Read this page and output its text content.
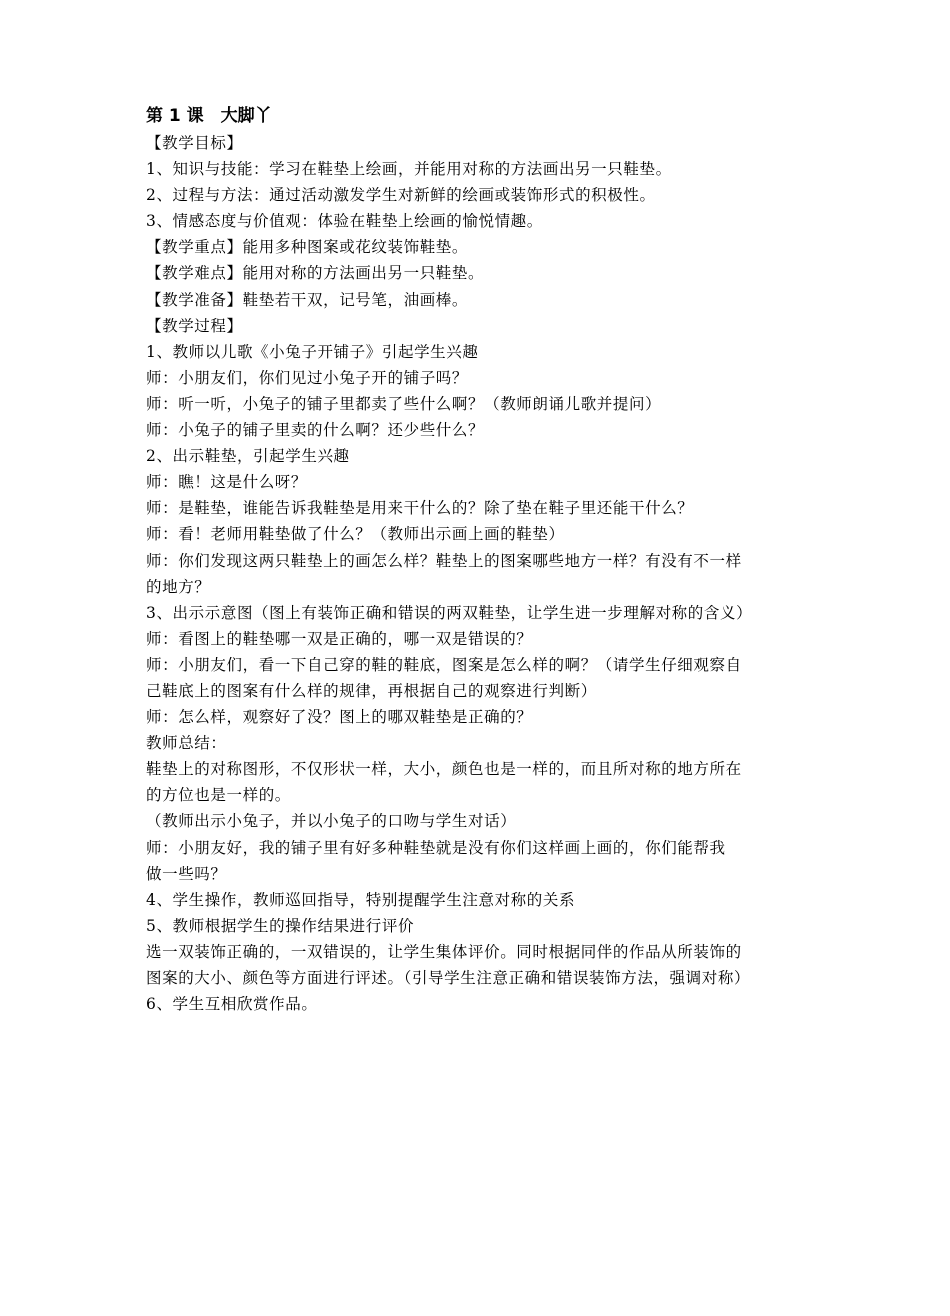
第 1 课　大脚丫
【教学目标】
1、知识与技能：学习在鞋垫上绘画，并能用对称的方法画出另一只鞋垫。
2、过程与方法：通过活动激发学生对新鲜的绘画或装饰形式的积极性。
3、情感态度与价值观：体验在鞋垫上绘画的愉悦情趣。
【教学重点】能用多种图案或花纹装饰鞋垫。
【教学难点】能用对称的方法画出另一只鞋垫。
【教学准备】鞋垫若干双，记号笔，油画棒。
【教学过程】
1、教师以儿歌《小兔子开铺子》引起学生兴趣
师：小朋友们，你们见过小兔子开的铺子吗？
师：听一听，小兔子的铺子里都卖了些什么啊？（教师朗诵儿歌并提问）
师：小兔子的铺子里卖的什么啊？还少些什么？
2、出示鞋垫，引起学生兴趣
师：瞧！这是什么呀？
师：是鞋垫，谁能告诉我鞋垫是用来干什么的？除了垫在鞋子里还能干什么？
师：看！老师用鞋垫做了什么？（教师出示画上画的鞋垫）
师：你们发现这两只鞋垫上的画怎么样？鞋垫上的图案哪些地方一样？有没有不一样
的地方？
3、出示示意图（图上有装饰正确和错误的两双鞋垫，让学生进一步理解对称的含义）
师：看图上的鞋垫哪一双是正确的，哪一双是错误的？
师：小朋友们，看一下自己穿的鞋的鞋底，图案是怎么样的啊？（请学生仔细观察自
己鞋底上的图案有什么样的规律，再根据自己的观察进行判断）
师：怎么样，观察好了没？图上的哪双鞋垫是正确的？
教师总结：
鞋垫上的对称图形，不仅形状一样，大小，颜色也是一样的，而且所对称的地方所在
的方位也是一样的。
（教师出示小兔子，并以小兔子的口吻与学生对话）
师：小朋友好，我的铺子里有好多种鞋垫就是没有你们这样画上画的，你们能帮我
做一些吗？
4、学生操作，教师巡回指导，特别提醒学生注意对称的关系
5、教师根据学生的操作结果进行评价
选一双装饰正确的，一双错误的，让学生集体评价。同时根据同伴的作品从所装饰的
图案的大小、颜色等方面进行评述。（引导学生注意正确和错误装饰方法，强调对称）
6、学生互相欣赏作品。
